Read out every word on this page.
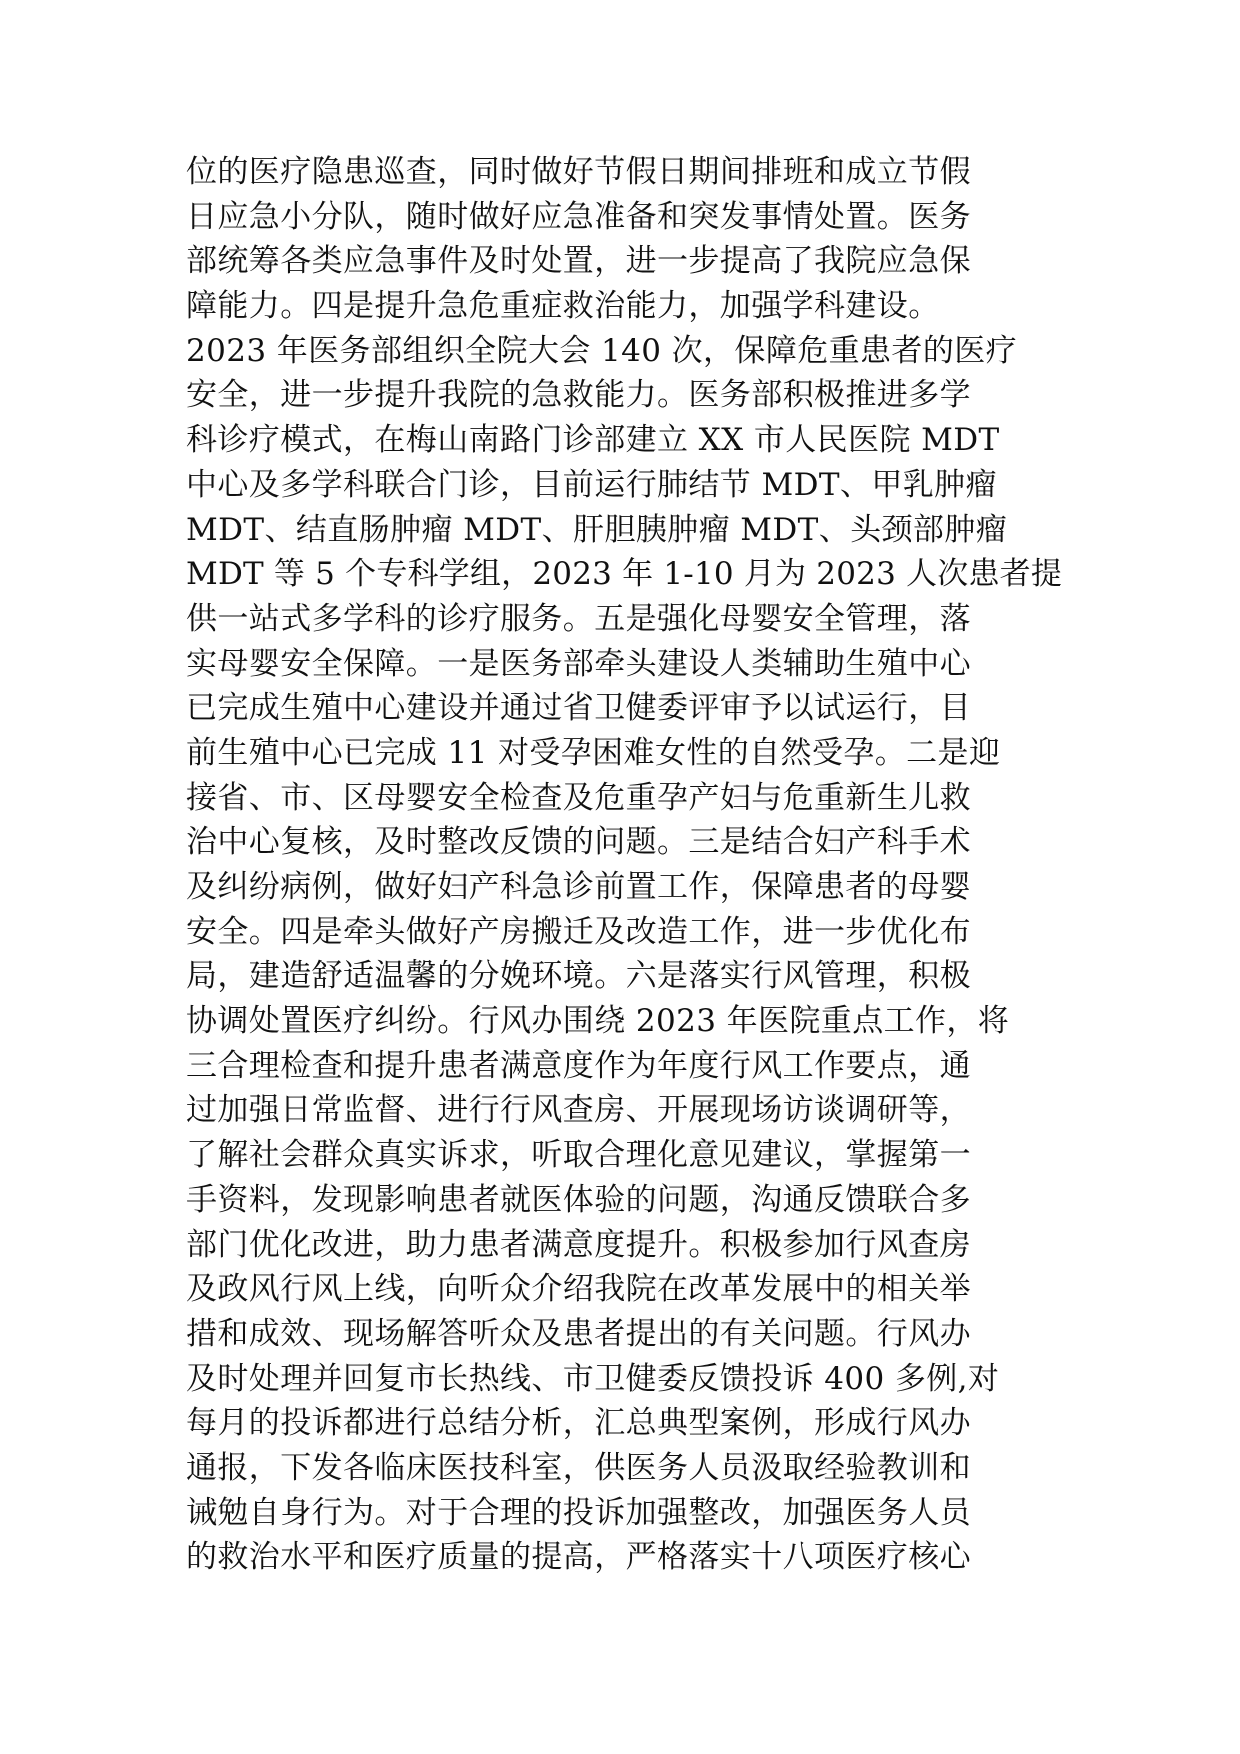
位的医疗隐患巡查，同时做好节假日期间排班和成立节假
日应急小分队，随时做好应急准备和突发事情处置。医务
部统筹各类应急事件及时处置，进一步提高了我院应急保
障能力。四是提升急危重症救治能力，加强学科建设。
2023 年医务部组织全院大会 140 次，保障危重患者的医疗
安全，进一步提升我院的急救能力。医务部积极推进多学
科诊疗模式，在梅山南路门诊部建立 XX 市人民医院 MDT
中心及多学科联合门诊，目前运行肺结节 MDT、甲乳肿瘤
MDT、结直肠肿瘤 MDT、肝胆胰肿瘤 MDT、头颈部肿瘤
MDT 等 5 个专科学组，2023 年 1-10 月为 2023 人次患者提
供一站式多学科的诊疗服务。五是强化母婴安全管理，落
实母婴安全保障。一是医务部牵头建设人类辅助生殖中心
已完成生殖中心建设并通过省卫健委评审予以试运行，目
前生殖中心已完成 11 对受孕困难女性的自然受孕。二是迎
接省、市、区母婴安全检查及危重孕产妇与危重新生儿救
治中心复核，及时整改反馈的问题。三是结合妇产科手术
及纠纷病例，做好妇产科急诊前置工作，保障患者的母婴
安全。四是牵头做好产房搬迁及改造工作，进一步优化布
局，建造舒适温馨的分娩环境。六是落实行风管理，积极
协调处置医疗纠纷。行风办围绕 2023 年医院重点工作，将
三合理检查和提升患者满意度作为年度行风工作要点，通
过加强日常监督、进行行风查房、开展现场访谈调研等，
了解社会群众真实诉求，听取合理化意见建议，掌握第一
手资料，发现影响患者就医体验的问题，沟通反馈联合多
部门优化改进，助力患者满意度提升。积极参加行风查房
及政风行风上线，向听众介绍我院在改革发展中的相关举
措和成效、现场解答听众及患者提出的有关问题。行风办
及时处理并回复市长热线、市卫健委反馈投诉 400 多例,对
每月的投诉都进行总结分析，汇总典型案例，形成行风办
通报，下发各临床医技科室，供医务人员汲取经验教训和
诫勉自身行为。对于合理的投诉加强整改，加强医务人员
的救治水平和医疗质量的提高，严格落实十八项医疗核心
